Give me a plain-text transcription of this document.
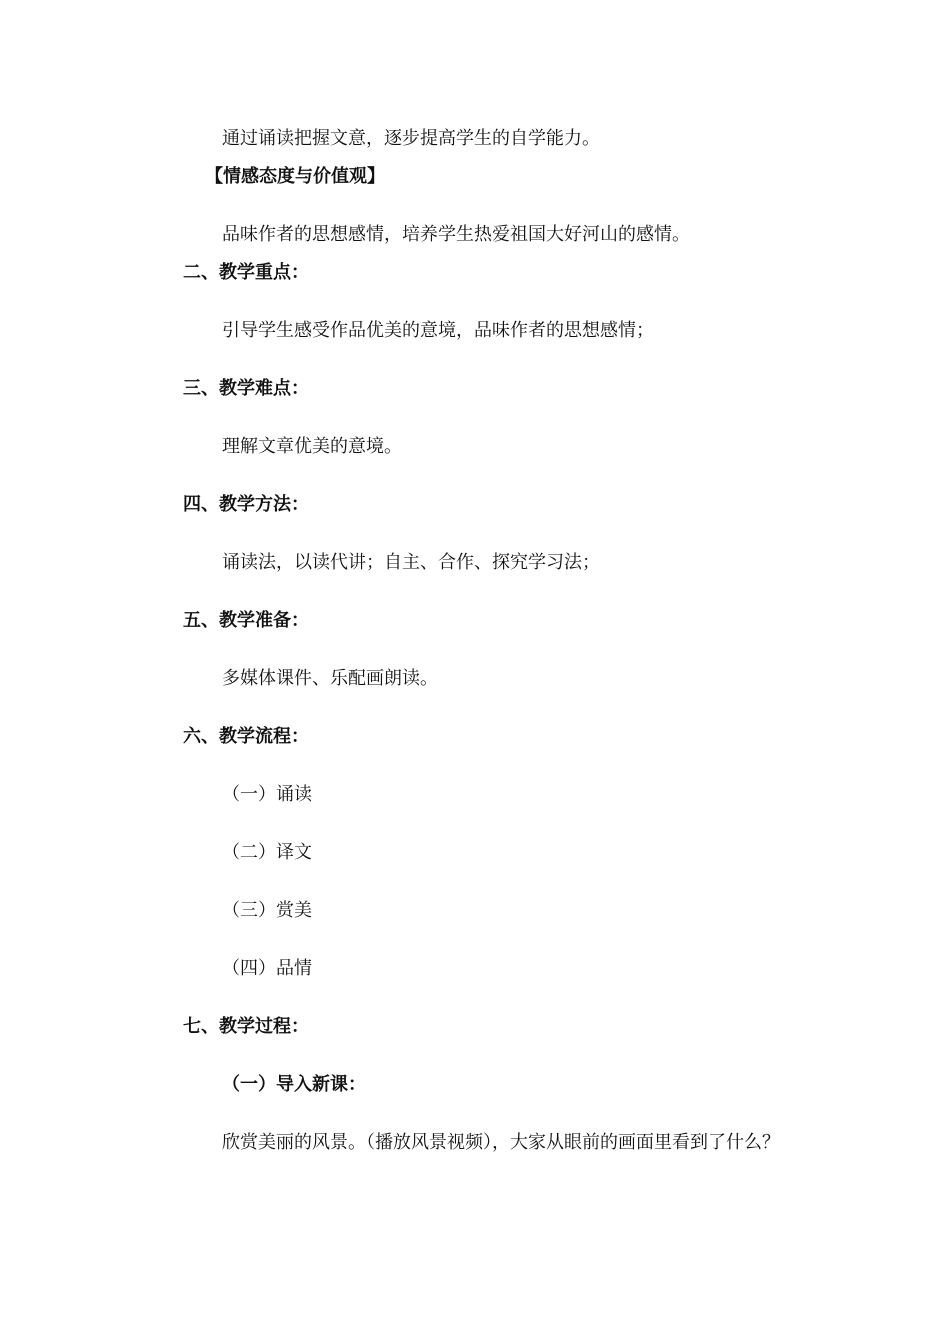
通过诵读把握文意，逐步提高学生的自学能力。

【情感态度与价值观】

品味作者的思想感情，培养学生热爱祖国大好河山的感情。

二、教学重点：

引导学生感受作品优美的意境，品味作者的思想感情；

三、教学难点：

理解文章优美的意境。

四、教学方法：

诵读法，以读代讲；自主、合作、探究学习法；

五、教学准备：

多媒体课件、乐配画朗读。

六、教学流程：

（一）诵读

（二）译文

（三）赏美

（四）品情

七、教学过程：

（一）导入新课：

欣赏美丽的风景。（播放风景视频），大家从眼前的画面里看到了什么？
